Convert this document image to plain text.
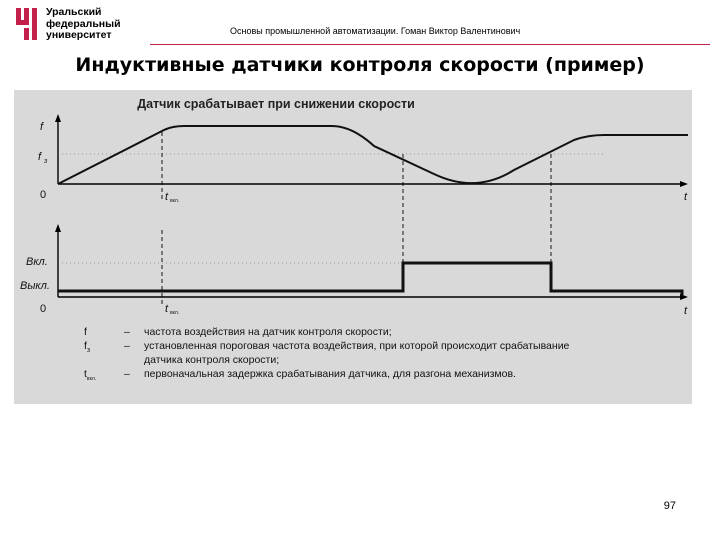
Уральский
федеральный
университет	Основы промышленной автоматизации. Гоман Виктор Валентинович
Индуктивные датчики контроля скорости (пример)
Датчик срабатывает при снижении скорости
f
f з
0	t
t вкл.
Вкл.
Выкл.
0	t
t вкл.
f	– частота воздействия на датчик контроля скорости;
$f_з$	– установленная пороговая частота воздействия, при которой происходит срабатывание
датчика контроля скорости;
$t_{вкл.}$	– первоначальная задержка срабатывания датчика, для разгона механизмов.
97
